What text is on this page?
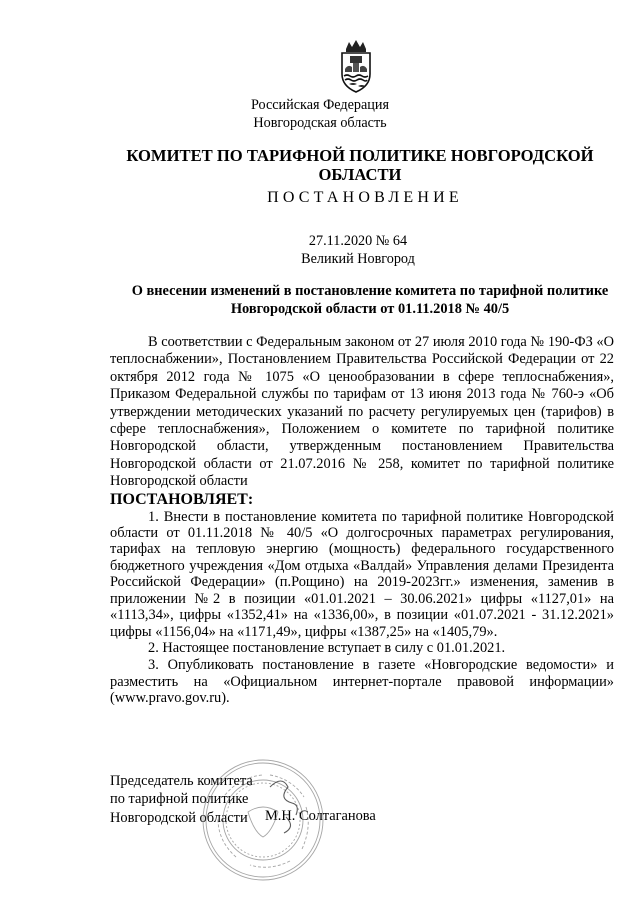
Российская Федерация
Новгородская область
КОМИТЕТ ПО ТАРИФНОЙ ПОЛИТИКЕ НОВГОРОДСКОЙ ОБЛАСТИ
ПОСТАНОВЛЕНИЕ
27.11.2020 № 64
Великий Новгород
О внесении изменений в постановление комитета по тарифной политике Новгородской области от 01.11.2018 № 40/5

В соответствии с Федеральным законом от 27 июля 2010 года № 190-ФЗ «О теплоснабжении», Постановлением Правительства Российской Федерации от 22 октября 2012 года № 1075 «О ценообразовании в сфере теплоснабжения», Приказом Федеральной службы по тарифам от 13 июня 2013 года № 760-э «Об утверждении методических указаний по расчету регулируемых цен (тарифов) в сфере теплоснабжения», Положением о комитете по тарифной политике Новгородской области, утвержденным постановлением Правительства Новгородской области от 21.07.2016 № 258, комитет по тарифной политике Новгородской области

ПОСТАНОВЛЯЕТ:

1. Внести в постановление комитета по тарифной политике Новгородской области от 01.11.2018 № 40/5 «О долгосрочных параметрах регулирования, тарифах на тепловую энергию (мощность) федерального государственного бюджетного учреждения «Дом отдыха «Валдай» Управления делами Президента Российской Федерации» (п.Рощино) на 2019-2023гг.» изменения, заменив в приложении №2 в позиции «01.01.2021 – 30.06.2021» цифры «1127,01» на «1113,34», цифры «1352,41» на «1336,00», в позиции «01.07.2021 - 31.12.2021» цифры «1156,04» на «1171,49», цифры «1387,25» на «1405,79».

2. Настоящее постановление вступает в силу с 01.01.2021.

3. Опубликовать постановление в газете «Новгородские ведомости» и разместить на «Официальном интернет-портале правовой информации» (www.pravo.gov.ru).

Председатель комитета
по тарифной политике
Новгородской области	М.Н. Солтаганова
